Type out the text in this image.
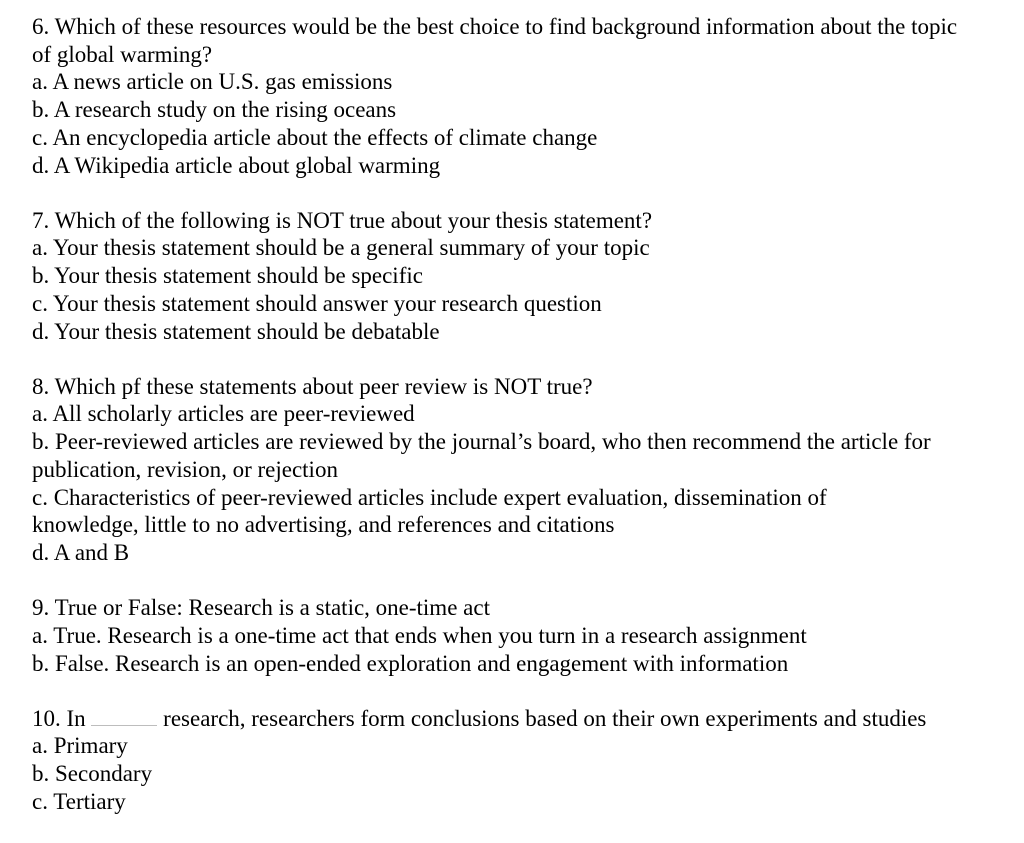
6. Which of these resources would be the best choice to find background information about the topic of global warming?
a. A news article on U.S. gas emissions
b. A research study on the rising oceans
c. An encyclopedia article about the effects of climate change
d. A Wikipedia article about global warming
7. Which of the following is NOT true about your thesis statement?
a. Your thesis statement should be a general summary of your topic
b. Your thesis statement should be specific
c. Your thesis statement should answer your research question
d. Your thesis statement should be debatable
8. Which pf these statements about peer review is NOT true?
a. All scholarly articles are peer-reviewed
b. Peer-reviewed articles are reviewed by the journal’s board, who then recommend the article for publication, revision, or rejection
c. Characteristics of peer-reviewed articles include expert evaluation, dissemination of knowledge, little to no advertising, and references and citations
d. A and B
9. True or False: Research is a static, one-time act
a. True. Research is a one-time act that ends when you turn in a research assignment
b. False. Research is an open-ended exploration and engagement with information
10. In	research, researchers form conclusions based on their own experiments and studies
a. Primary
b. Secondary
c. Tertiary
